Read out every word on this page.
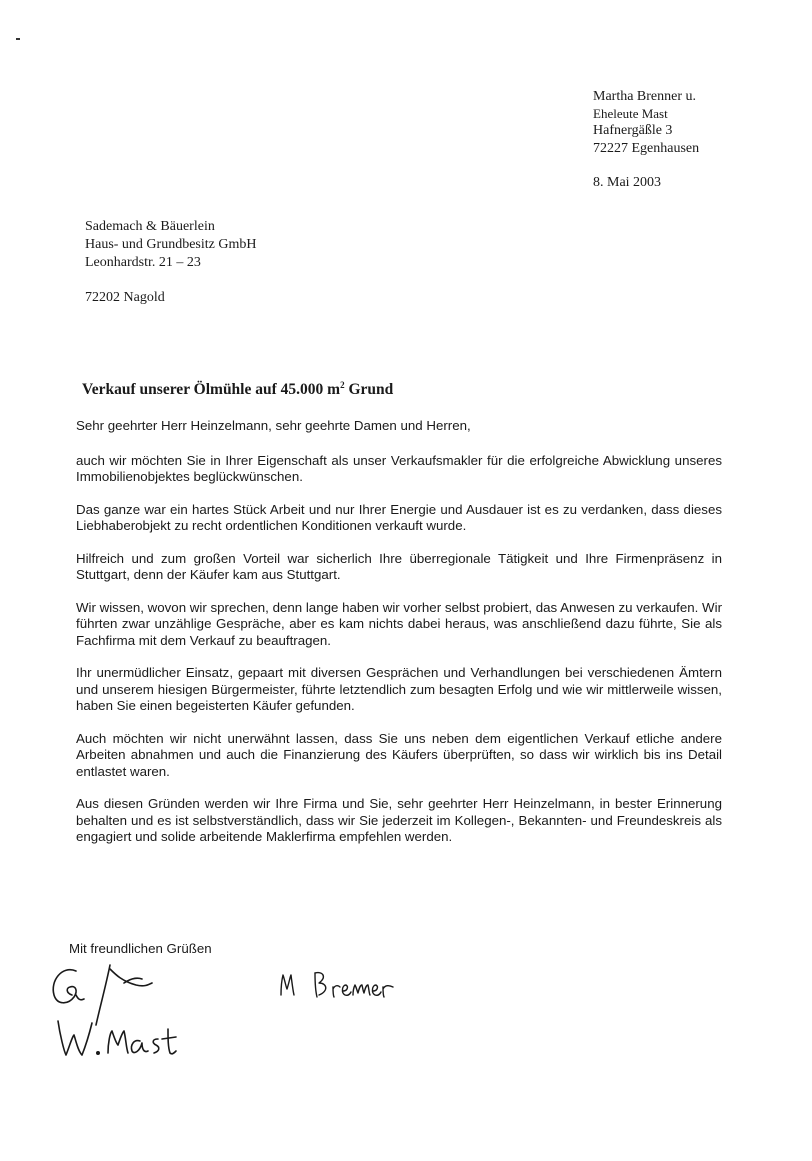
Martha Brenner u.
Eheleute Mast
Hafnergäßle 3
72227 Egenhausen
8. Mai 2003
Sademach & Bäuerlein
Haus- und Grundbesitz GmbH
Leonhardstr. 21 – 23
72202 Nagold
Verkauf unserer Ölmühle auf 45.000 $m^2$ Grund

Sehr geehrter Herr Heinzelmann, sehr geehrte Damen und Herren,

auch wir möchten Sie in Ihrer Eigenschaft als unser Verkaufsmakler für die erfolgreiche Abwicklung unseres Immobilienobjektes beglückwünschen.

Das ganze war ein hartes Stück Arbeit und nur Ihrer Energie und Ausdauer ist es zu verdanken, dass dieses Liebhaberobjekt zu recht ordentlichen Konditionen verkauft wurde.

Hilfreich und zum großen Vorteil war sicherlich Ihre überregionale Tätigkeit und Ihre Firmenpräsenz in Stuttgart, denn der Käufer kam aus Stuttgart.

Wir wissen, wovon wir sprechen, denn lange haben wir vorher selbst probiert, das Anwesen zu verkaufen. Wir führten zwar unzählige Gespräche, aber es kam nichts dabei heraus, was anschließend dazu führte, Sie als Fachfirma mit dem Verkauf zu beauftragen.

Ihr unermüdlicher Einsatz, gepaart mit diversen Gesprächen und Verhandlungen bei verschiedenen Ämtern und unserem hiesigen Bürgermeister, führte letztendlich zum besagten Erfolg und wie wir mittlerweile wissen, haben Sie einen begeisterten Käufer gefunden.

Auch möchten wir nicht unerwähnt lassen, dass Sie uns neben dem eigentlichen Verkauf etliche andere Arbeiten abnahmen und auch die Finanzierung des Käufers überprüften, so dass wir wirklich bis ins Detail entlastet waren.

Aus diesen Gründen werden wir Ihre Firma und Sie, sehr geehrter Herr Heinzelmann, in bester Erinnerung behalten und es ist selbstverständlich, dass wir Sie jederzeit im Kollegen-, Bekannten- und Freundeskreis als engagiert und solide arbeitende Maklerfirma empfehlen werden.

Mit freundlichen Grüßen
